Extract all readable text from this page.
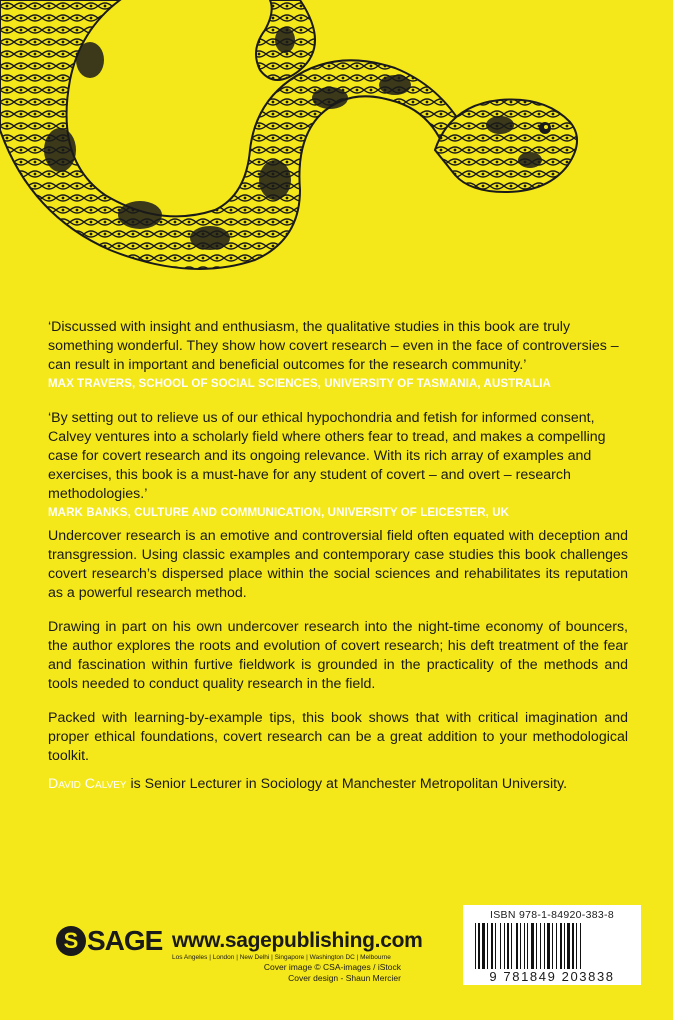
‘Discussed with insight and enthusiasm, the qualitative studies in this book are truly something wonderful. They show how covert research – even in the face of controversies – can result in important and beneficial outcomes for the research community.’

MAX TRAVERS, SCHOOL OF SOCIAL SCIENCES, UNIVERSITY OF TASMANIA, AUSTRALIA

‘By setting out to relieve us of our ethical hypochondria and fetish for informed consent, Calvey ventures into a scholarly field where others fear to tread, and makes a compelling case for covert research and its ongoing relevance. With its rich array of examples and exercises, this book is a must-have for any student of covert – and overt – research methodologies.’

MARK BANKS, CULTURE AND COMMUNICATION, UNIVERSITY OF LEICESTER, UK

Undercover research is an emotive and controversial field often equated with deception and transgression. Using classic examples and contemporary case studies this book challenges covert research’s dispersed place within the social sciences and rehabilitates its reputation as a powerful research method.

Drawing in part on his own undercover research into the night-time economy of bouncers, the author explores the roots and evolution of covert research; his deft treatment of the fear and fascination within furtive fieldwork is grounded in the practicality of the methods and tools needed to conduct quality research in the field.

Packed with learning-by-example tips, this book shows that with critical imagination and proper ethical foundations, covert research can be a great addition to your methodological toolkit.

David Calvey is Senior Lecturer in Sociology at Manchester Metropolitan University.

S SAGE www.sagepublishing.com
Los Angeles | London | New Delhi | Singapore | Washington DC | Melbourne
Cover image © CSA-images / iStock
Cover design - Shaun Mercier
ISBN 978-1-84920-383-8
9 781849 203838
